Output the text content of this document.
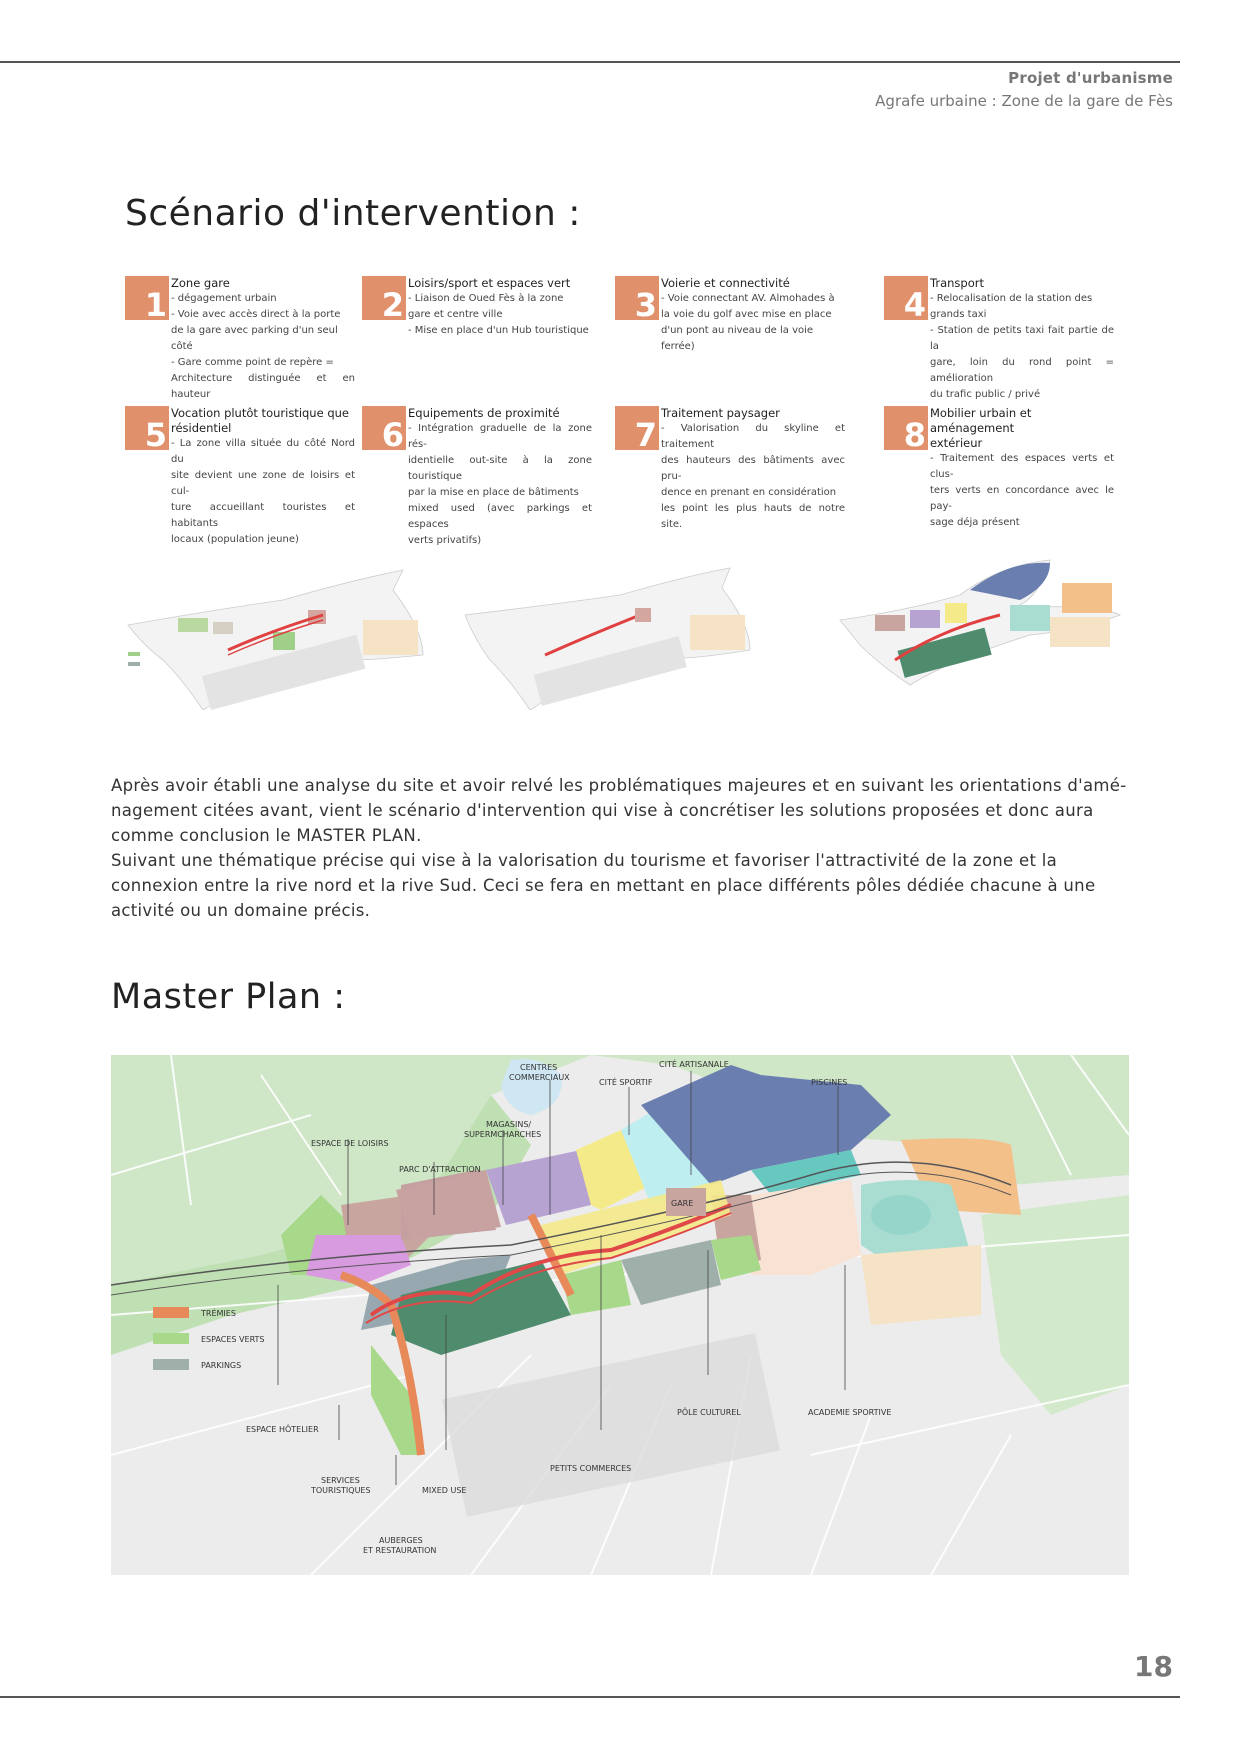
Projet d'urbanisme
Agrafe urbaine : Zone de la gare de Fès
Scénario d'intervention :
1
Zone gare
- dégagement urbain
- Voie avec accès direct à la porte
de la gare avec parking d'un seul
côté
- Gare comme point de repère =
Architecture distinguée et en hauteur
2
Loisirs/sport et espaces vert
- Liaison de Oued Fès à la zone
gare et centre ville
- Mise en place d'un Hub touristique
3
Voierie et connectivité
- Voie connectant AV. Almohades à
la voie du golf avec mise en place
d'un pont au niveau de la voie
ferrée)
4
Transport
- Relocalisation de la station des
grands taxi
- Station de petits taxi fait partie de la
gare, loin du rond point = amélioration
du trafic public / privé
5
Vocation plutôt touristique que
résidentiel
- La zone villa située du côté Nord du
site devient une zone de loisirs et cul-
ture accueillant touristes et habitants
locaux (population jeune)
6
Equipements de proximité
- Intégration graduelle de la zone rés-
identielle out-site à la zone touristique
par la mise en place de bâtiments
mixed used (avec parkings et espaces
verts privatifs)
7
Traitement paysager
- Valorisation du skyline et traitement
des hauteurs des bâtiments avec pru-
dence en prenant en considération
les point les plus hauts de notre site.
8
Mobilier urbain et aménagement
extérieur
- Traitement des espaces verts et clus-
ters verts en concordance avec le pay-
sage déja présent
Après avoir établi une analyse du site et avoir relvé les problématiques majeures et en suivant les orientations d'amé-
nagement citées avant, vient le scénario d'intervention qui vise à concrétiser les solutions proposées et donc aura
comme conclusion le MASTER PLAN.
Suivant une thématique précise qui vise à la valorisation du tourisme et favoriser l'attractivité de la zone et la
connexion entre la rive nord et la rive Sud. Ceci se fera en mettant en place différents pôles dédiée chacune à une
activité ou un domaine précis.
Master Plan :
GARE
CENTRES
COMMERCIAUX
CITÉ ARTISANALE
CITÉ SPORTIF	PISCINES
MAGASINS/
SUPERMCHARCHES
ESPACE DE LOISIRS
PARC D'ATTRACTION
ESPACE HÔTELIER
PÔLE CULTUREL	ACADEMIE SPORTIVE
PETITS COMMERCES
SERVICES
TOURISTIQUES	MIXED USE
AUBERGES
ET RESTAURATION
TRÉMIES
ESPACES VERTS
PARKINGS
18
